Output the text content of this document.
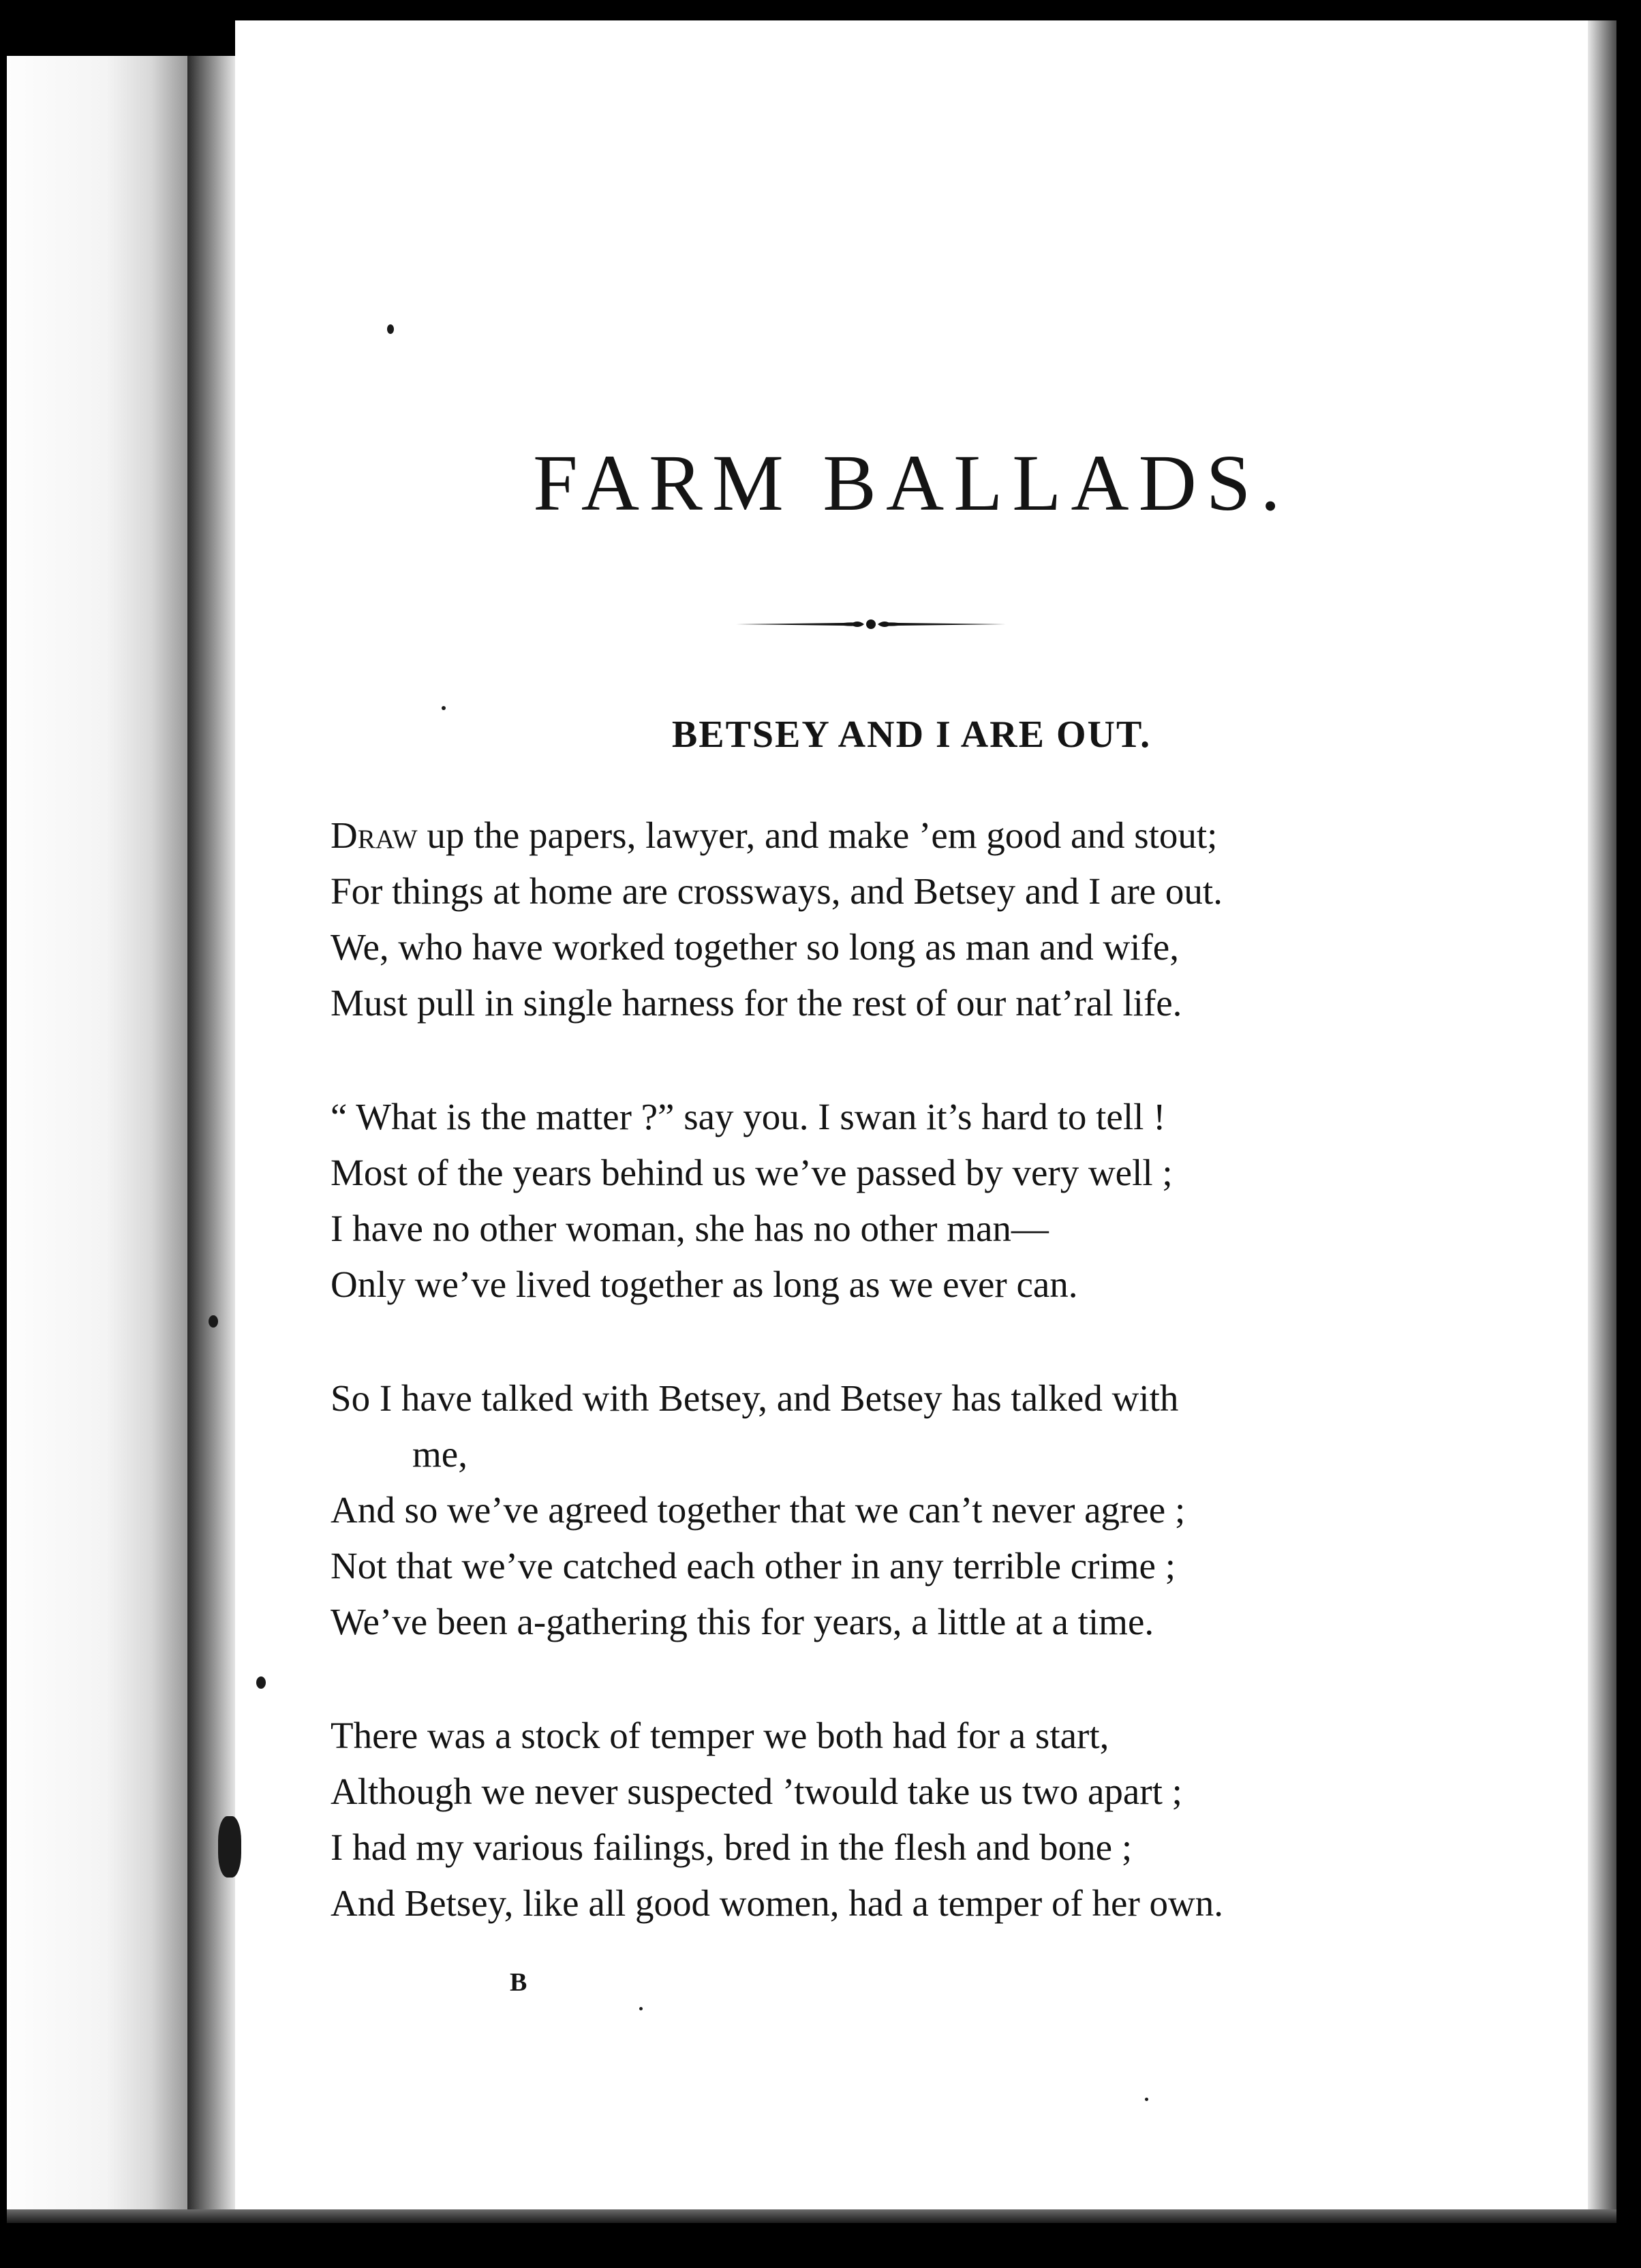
FARM BALLADS.
BETSEY AND I ARE OUT.
Draw up the papers, lawyer, and make ’em good and stout;
For things at home are crossways, and Betsey and I are out.
We, who have worked together so long as man and wife,
Must pull in single harness for the rest of our nat’ral life.
“ What is the matter ?” say you. I swan it’s hard to tell !
Most of the years behind us we’ve passed by very well ;
I have no other woman, she has no other man—
Only we’ve lived together as long as we ever can.
So I have talked with Betsey, and Betsey has talked with
me,
And so we’ve agreed together that we can’t never agree ;
Not that we’ve catched each other in any terrible crime ;
We’ve been a-gathering this for years, a little at a time.
There was a stock of temper we both had for a start,
Although we never suspected ’twould take us two apart ;
I had my various failings, bred in the flesh and bone ;
And Betsey, like all good women, had a temper of her own.

B
